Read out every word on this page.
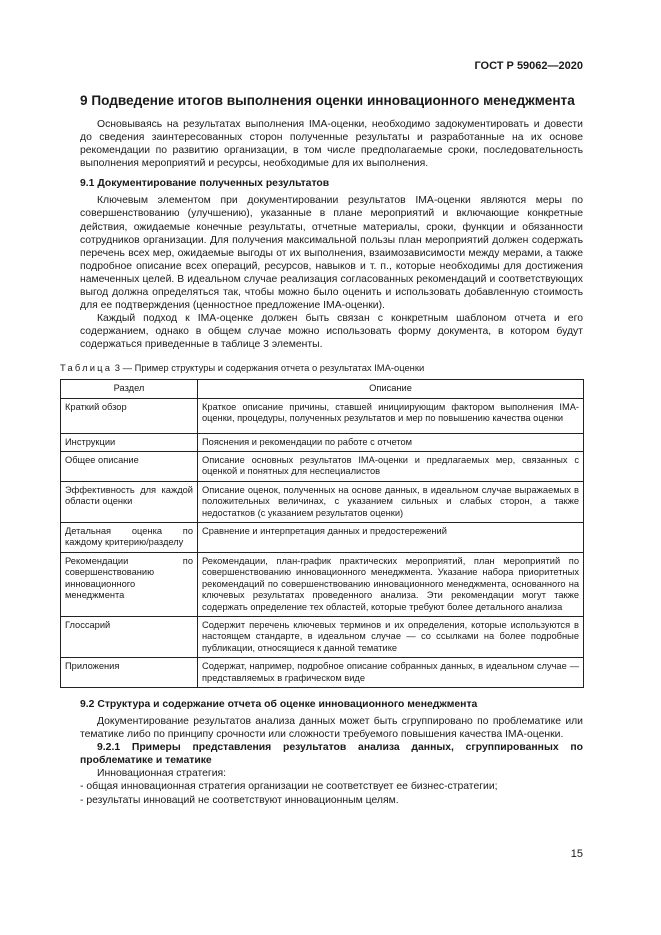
ГОСТ Р 59062—2020
9 Подведение итогов выполнения оценки инновационного менеджмента

Основываясь на результатах выполнения IMA-оценки, необходимо задокументировать и довести до сведения заинтересованных сторон полученные результаты и разработанные на их основе рекомендации по развитию организации, в том числе предполагаемые сроки, последовательность выполнения мероприятий и ресурсы, необходимые для их выполнения.

9.1 Документирование полученных результатов

Ключевым элементом при документировании результатов IMA-оценки являются меры по совершенствованию (улучшению), указанные в плане мероприятий и включающие конкретные действия, ожидаемые конечные результаты, отчетные материалы, сроки, функции и обязанности сотрудников организации. Для получения максимальной пользы план мероприятий должен содержать перечень всех мер, ожидаемые выгоды от их выполнения, взаимозависимости между мерами, а также подробное описание всех операций, ресурсов, навыков и т. п., которые необходимы для достижения намеченных целей. В идеальном случае реализация согласованных рекомендаций и соответствующих выгод должна определяться так, чтобы можно было оценить и использовать добавленную стоимость для ее подтверждения (ценностное предложение IMA-оценки).

Каждый подход к IMA-оценке должен быть связан с конкретным шаблоном отчета и его содержанием, однако в общем случае можно использовать форму документа, в котором будут содержаться приведенные в таблице 3 элементы.

Таблица 3 — Пример структуры и содержания отчета о результатах IMA-оценки
Раздел	Описание
Краткий обзор	Краткое описание причины, ставшей инициирующим фактором выполнения IMA-оценки, процедуры, полученных результатов и мер по повышению качества оценки
Инструкции	Пояснения и рекомендации по работе с отчетом
Общее описание	Описание основных результатов IMA-оценки и предлагаемых мер, связанных с оценкой и понятных для неспециалистов
Эффективность для каждой области оценки	Описание оценок, полученных на основе данных, в идеальном случае выражаемых в положительных величинах, с указанием сильных и слабых сторон, а также недостатков (с указанием результатов оценки)
Детальная оценка по каждому критерию/разделу	Сравнение и интерпретация данных и предостережений
Рекомендации по совершенствованию инновационного менеджмента	Рекомендации, план-график практических мероприятий, план мероприятий по совершенствованию инновационного менеджмента. Указание набора приоритетных рекомендаций по совершенствованию инновационного менеджмента, основанного на ключевых результатах проведенного анализа. Эти рекомендации могут также содержать определение тех областей, которые требуют более детального анализа
Глоссарий	Содержит перечень ключевых терминов и их определения, которые используются в настоящем стандарте, в идеальном случае — со ссылками на более подробные публикации, относящиеся к данной тематике
Приложения	Содержат, например, подробное описание собранных данных, в идеальном случае — представляемых в графическом виде
9.2 Структура и содержание отчета об оценке инновационного менеджмента

Документирование результатов анализа данных может быть сгруппировано по проблематике или тематике либо по принципу срочности или сложности требуемого повышения качества IMA-оценки.

9.2.1 Примеры представления результатов анализа данных, сгруппированных по проблематике и тематике

Инновационная стратегия:

- общая инновационная стратегия организации не соответствует ее бизнес-стратегии;
- результаты инноваций не соответствуют инновационным целям.
15
